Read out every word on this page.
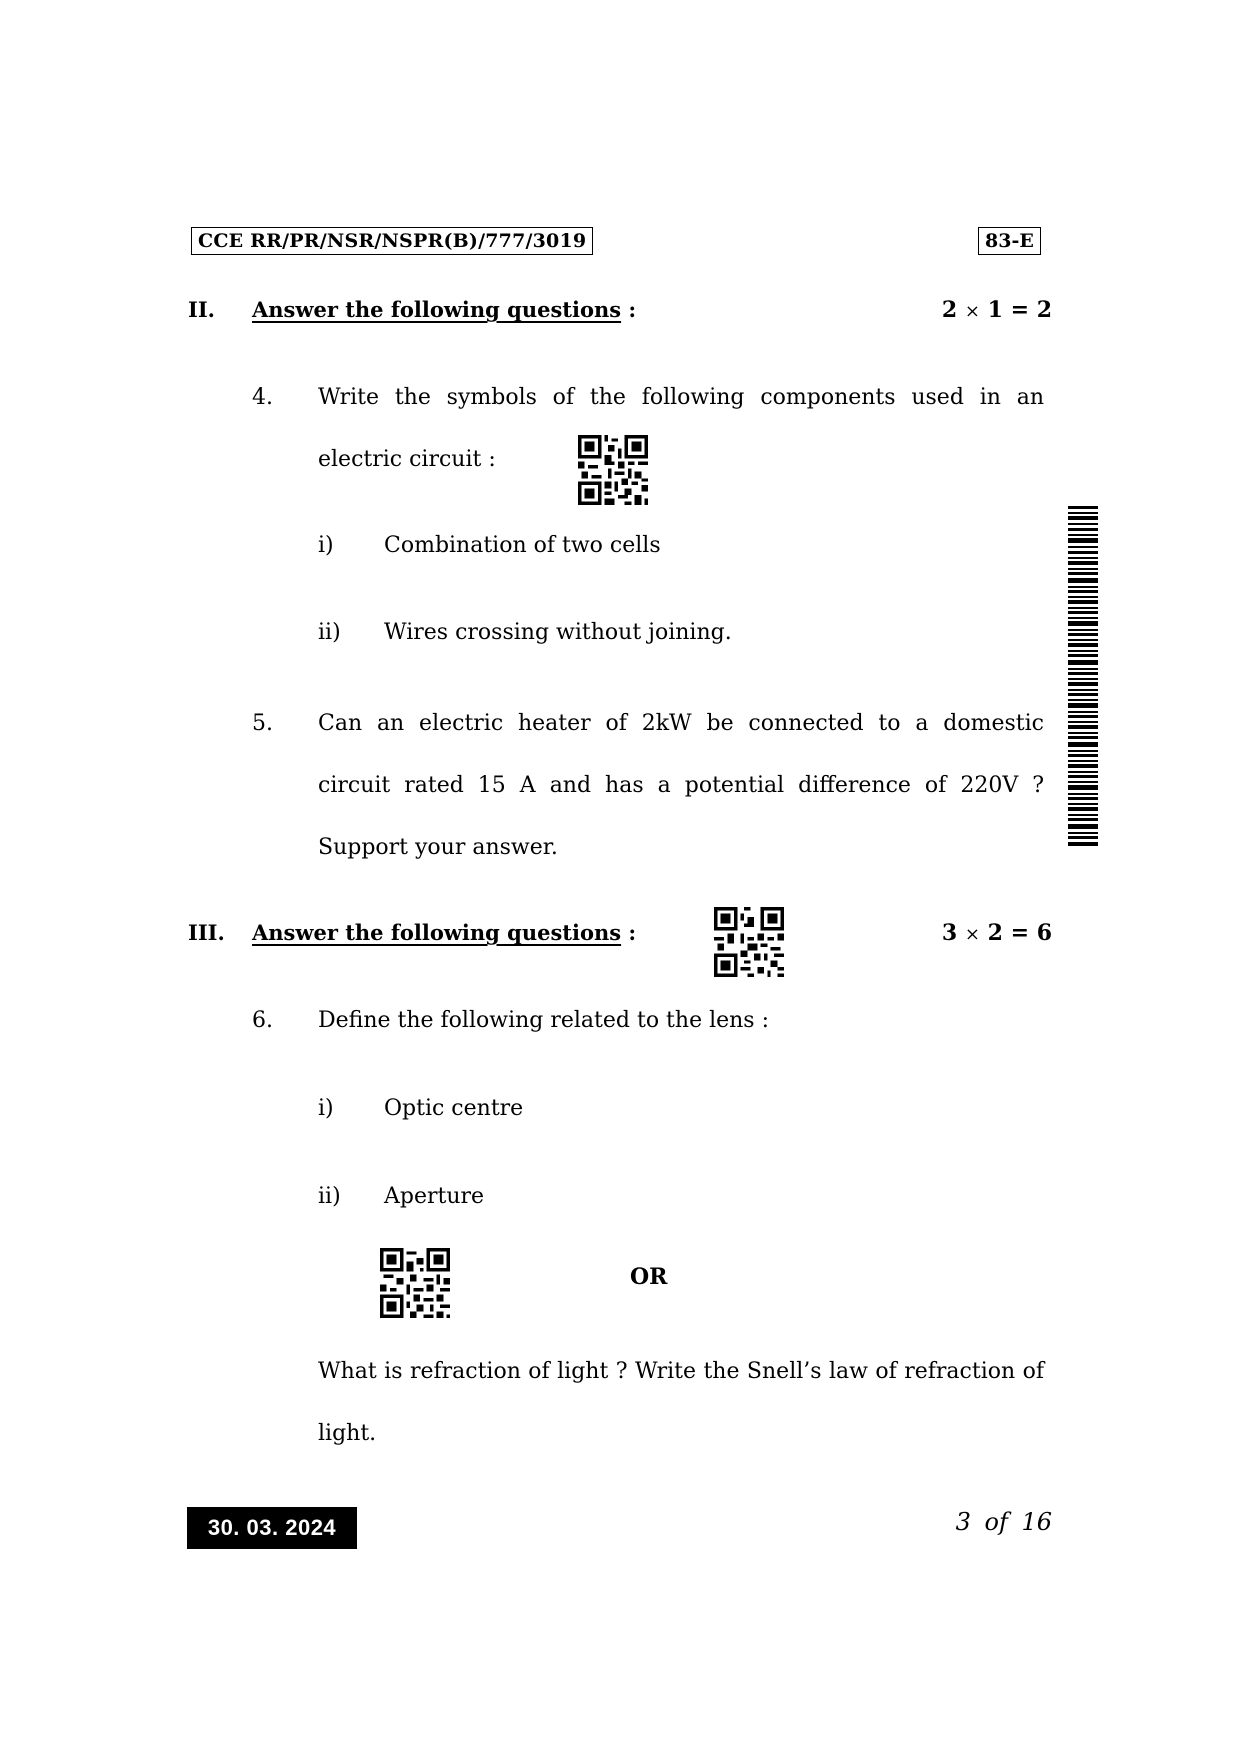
CCE RR/PR/NSR/NSPR(B)/777/3019	83-E
II. Answer the following questions :	2 × 1 = 2
4. Write the symbols of the following components used in an
electric circuit :
i) Combination of two cells
ii) Wires crossing without joining.
5. Can an electric heater of 2kW be connected to a domestic circuit rated 15 A and has a potential difference of 220V ? Support your answer.
III. Answer the following questions :	3 × 2 = 6
6. Define the following related to the lens :
i) Optic centre
ii) Aperture
OR
What is refraction of light ? Write the Snell’s law of refraction of light.
30. 03. 2024	3 of 16
